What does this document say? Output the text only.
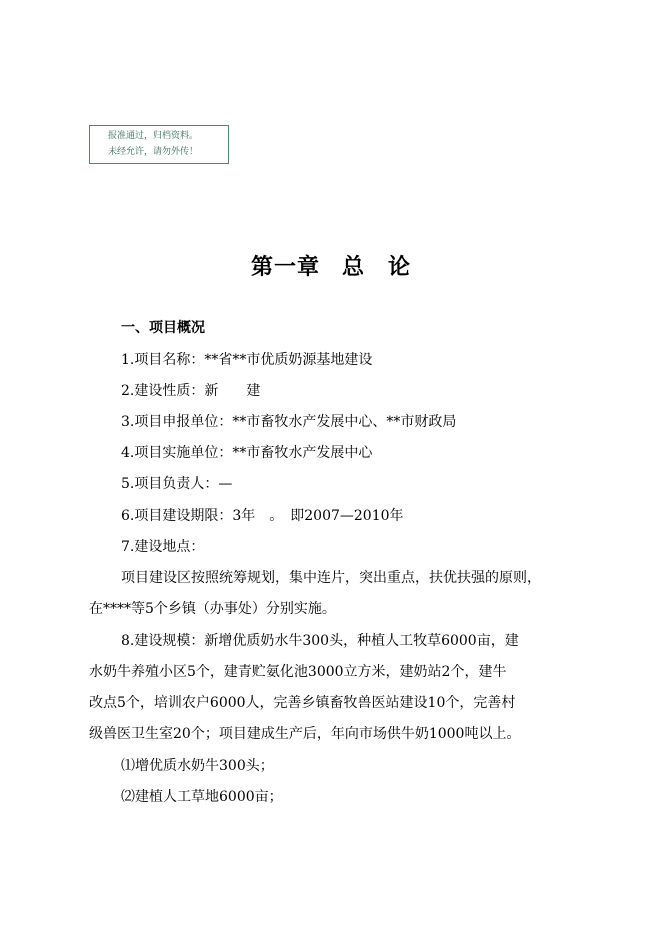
报准通过，归档资料。
未经允许，请勿外传！
第一章 总　论
一、项目概况
1.项目名称：**省**市优质奶源基地建设
2.建设性质：新　　建
3.项目申报单位：**市畜牧水产发展中心、**市财政局
4.项目实施单位：**市畜牧水产发展中心
5.项目负责人：—
6.项目建设期限：3年　。　即2007—2010年
7.建设地点：
项目建设区按照统筹规划，集中连片，突出重点，扶优扶强的原则，
在****等5个乡镇（办事处）分别实施。
8.建设规模：新增优质奶水牛300头，种植人工牧草6000亩，建
水奶牛养殖小区5个，建青贮氨化池3000立方米，建奶站2个，建牛
改点5个，培训农户6000人，完善乡镇畜牧兽医站建设10个，完善村
级兽医卫生室20个；项目建成生产后，年向市场供牛奶1000吨以上。
⑴增优质水奶牛300头；
⑵建植人工草地6000亩；
